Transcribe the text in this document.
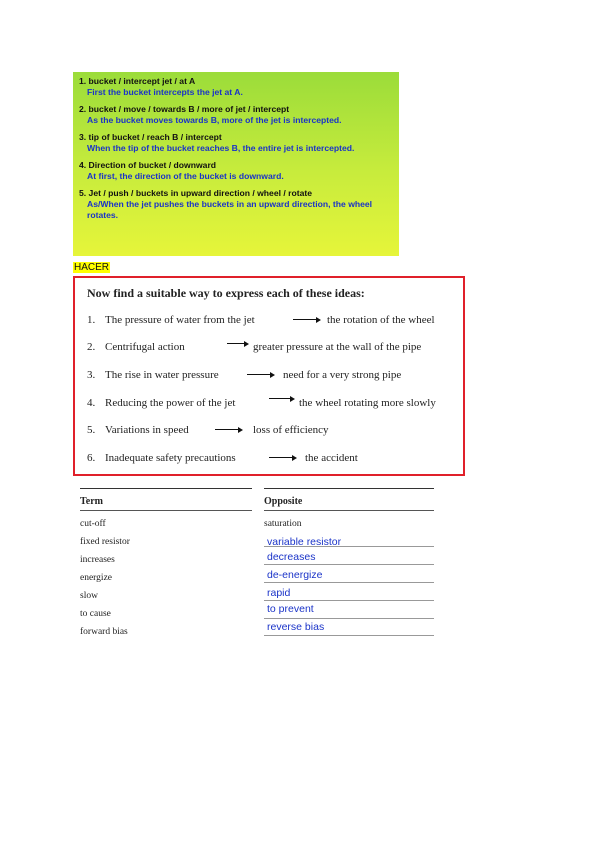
1. bucket / intercept jet / at A
First the bucket intercepts the jet at A.
2. bucket / move / towards B / more of jet / intercept
As the bucket moves towards B, more of the jet is intercepted.
3. tip of bucket / reach B / intercept
When the tip of the bucket reaches B, the entire jet is intercepted.
4. Direction of bucket / downward
At first, the direction of the bucket is downward.
5. Jet / push / buckets in upward direction / wheel / rotate
As/When the jet pushes the buckets in an upward direction, the wheel rotates.
HACER
Now find a suitable way to express each of these ideas:
1. The pressure of water from the jet	the rotation of the wheel
2. Centrifugal action	greater pressure at the wall of the pipe
3. The rise in water pressure	need for a very strong pipe
4. Reducing the power of the jet	the wheel rotating more slowly
5. Variations in speed	loss of efficiency
6. Inadequate safety precautions	the accident
Term	Opposite
cut-off	saturation
fixed resistor	variable resistor
increases	decreases
energize	de-energize
slow	rapid
to cause	to prevent
forward bias	reverse bias
